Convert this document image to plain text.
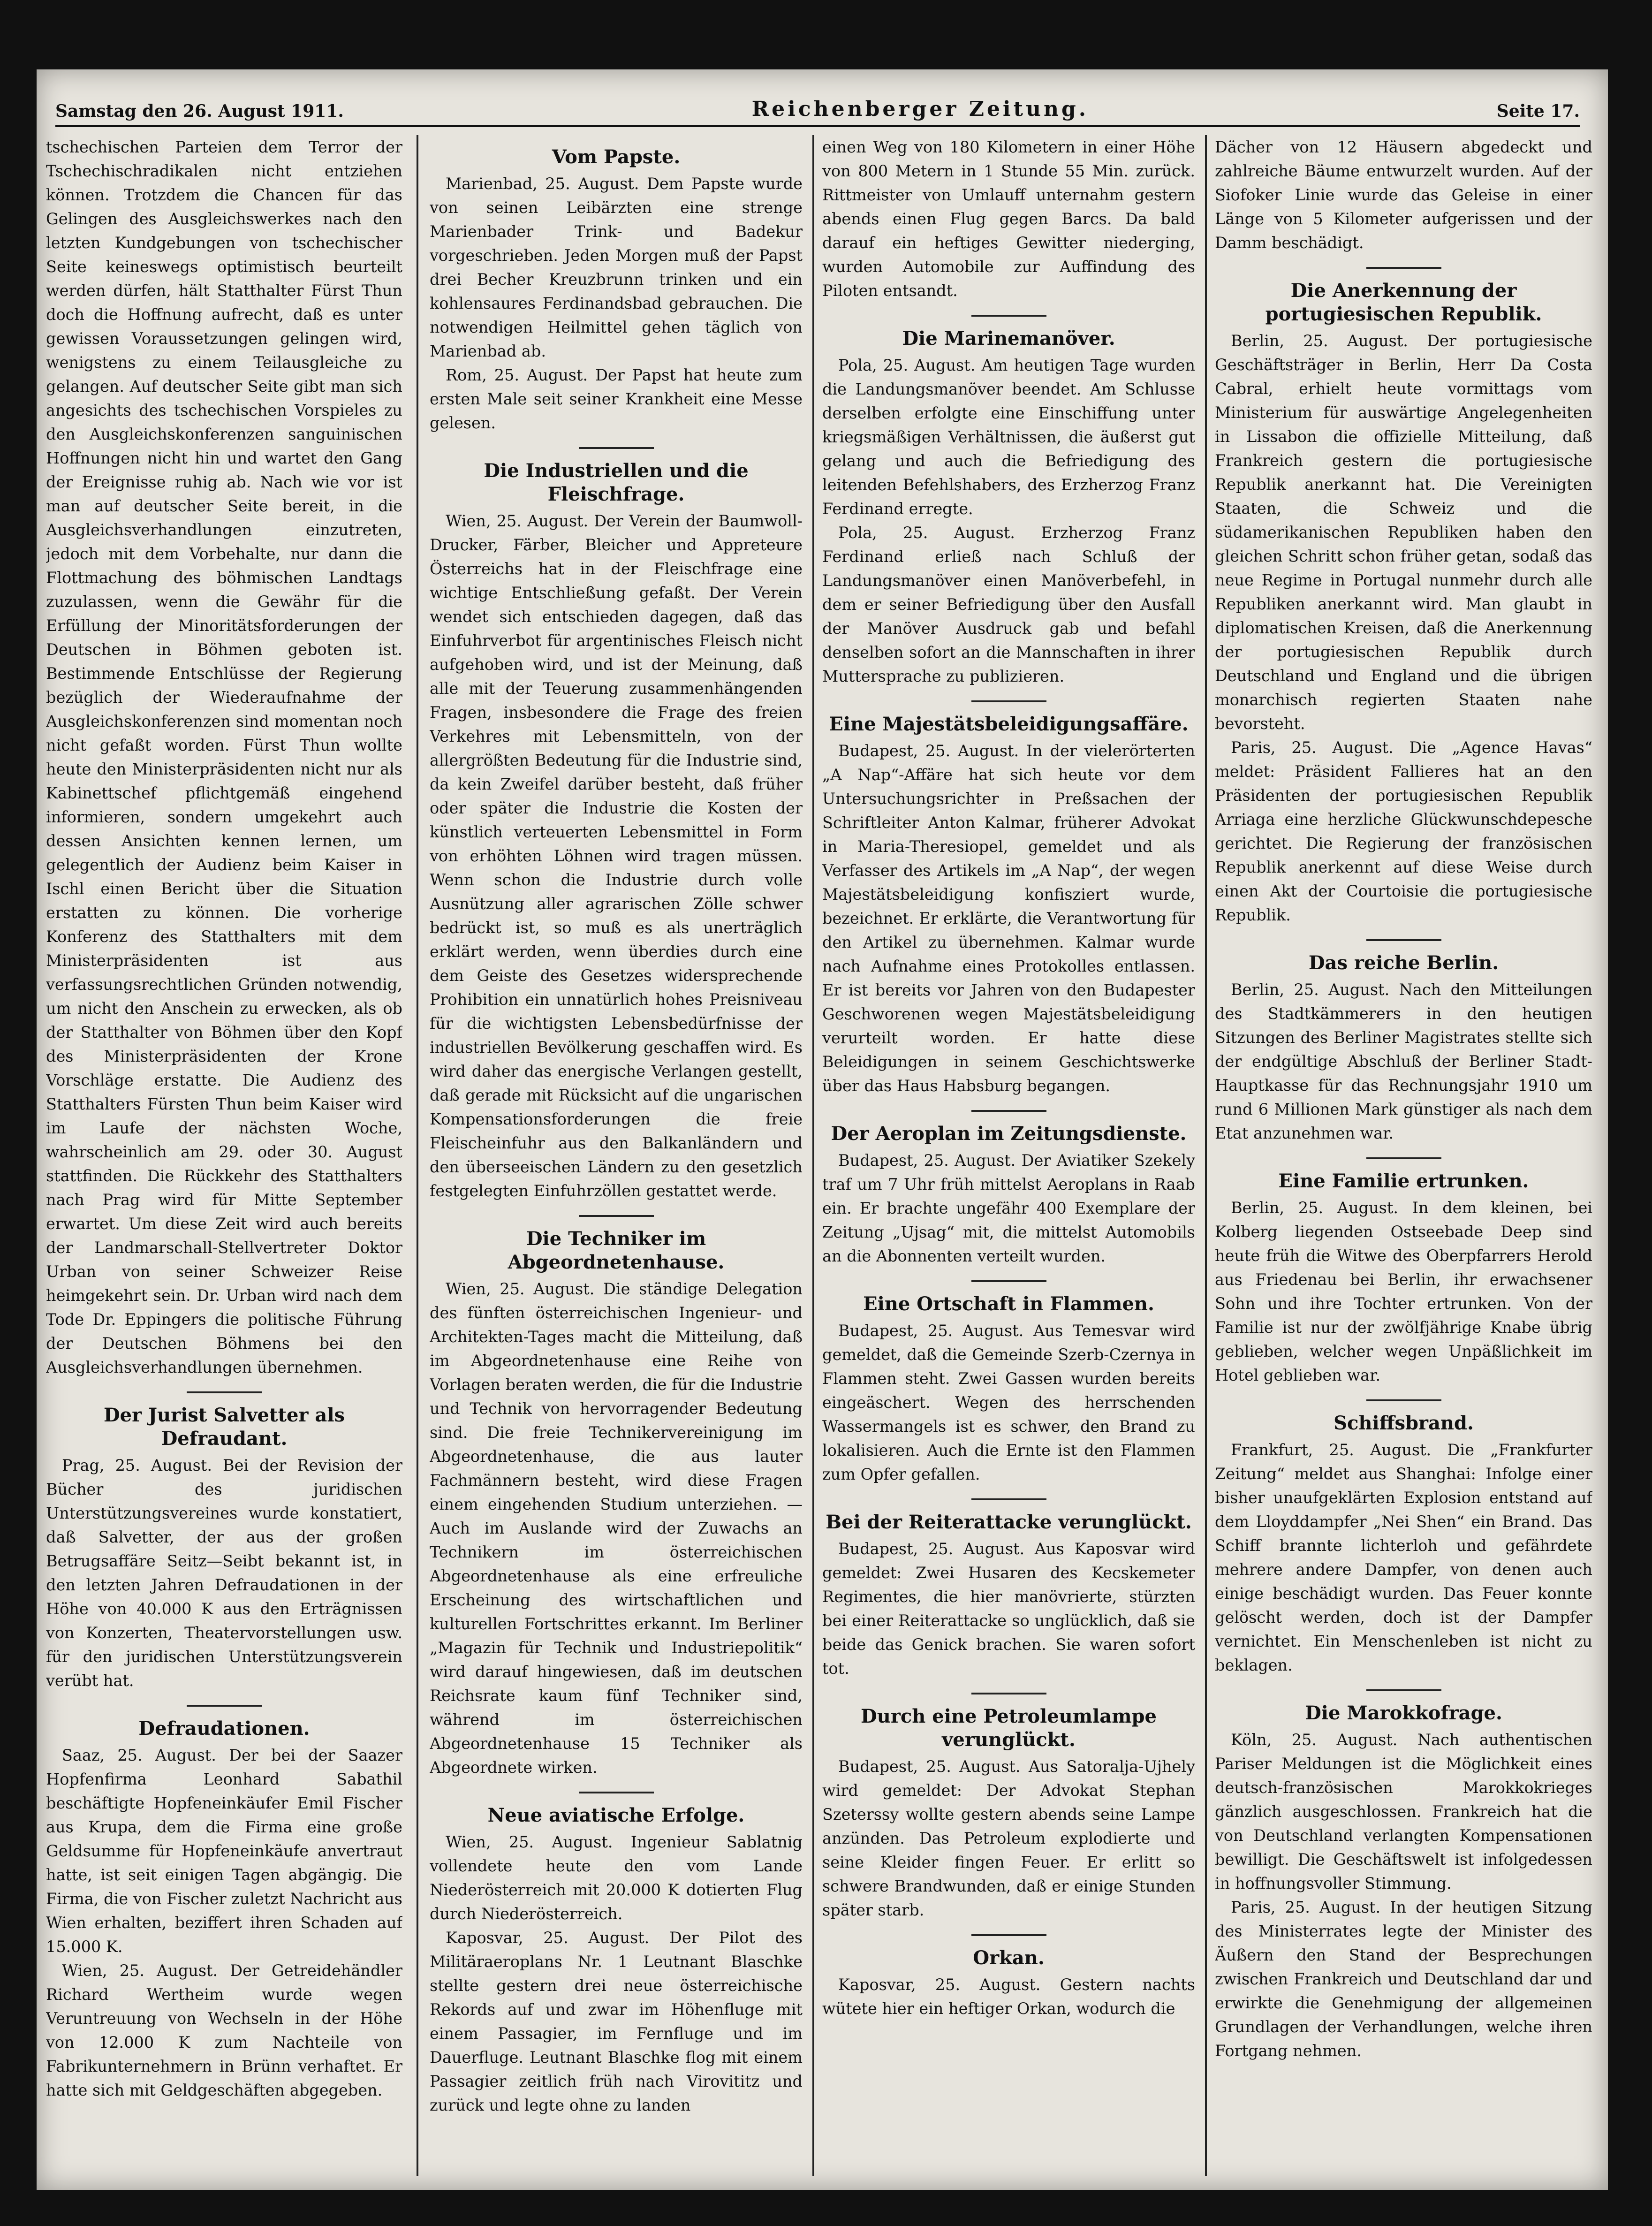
Samstag den 26. August 1911.	Reichenberger Zeitung.	Seite 17.

tschechischen Parteien dem Terror der Tschechischradikalen nicht entziehen können. Trotzdem die Chancen für das Gelingen des Ausgleichswerkes nach den letzten Kundgebungen von tschechischer Seite keineswegs optimistisch beurteilt werden dürfen, hält Statthalter Fürst Thun doch die Hoffnung aufrecht, daß es unter gewissen Voraussetzungen gelingen wird, wenigstens zu einem Teilausgleiche zu gelangen. Auf deutscher Seite gibt man sich angesichts des tschechischen Vorspieles zu den Ausgleichskonferenzen sanguinischen Hoffnungen nicht hin und wartet den Gang der Ereignisse ruhig ab. Nach wie vor ist man auf deutscher Seite bereit, in die Ausgleichsverhandlungen einzutreten, jedoch mit dem Vorbehalte, nur dann die Flottmachung des böhmischen Landtags zuzulassen, wenn die Gewähr für die Erfüllung der Minoritätsforderungen der Deutschen in Böhmen geboten ist. Bestimmende Entschlüsse der Regierung bezüglich der Wiederaufnahme der Ausgleichskonferenzen sind momentan noch nicht gefaßt worden. Fürst Thun wollte heute den Ministerpräsidenten nicht nur als Kabinettschef pflichtgemäß eingehend informieren, sondern umgekehrt auch dessen Ansichten kennen lernen, um gelegentlich der Audienz beim Kaiser in Ischl einen Bericht über die Situation erstatten zu können. Die vorherige Konferenz des Statthalters mit dem Ministerpräsidenten ist aus verfassungsrechtlichen Gründen notwendig, um nicht den Anschein zu erwecken, als ob der Statthalter von Böhmen über den Kopf des Ministerpräsidenten der Krone Vorschläge erstatte. Die Audienz des Statthalters Fürsten Thun beim Kaiser wird im Laufe der nächsten Woche, wahrscheinlich am 29. oder 30. August stattfinden. Die Rückkehr des Statthalters nach Prag wird für Mitte September erwartet. Um diese Zeit wird auch bereits der Landmarschall-Stellvertreter Doktor Urban von seiner Schweizer Reise heimgekehrt sein. Dr. Urban wird nach dem Tode Dr. Eppingers die politische Führung der Deutschen Böhmens bei den Ausgleichsverhandlungen übernehmen.

Der Jurist Salvetter als Defraudant.

Prag, 25. August. Bei der Revision der Bücher des juridischen Unterstützungsvereines wurde konstatiert, daß Salvetter, der aus der großen Betrugsaffäre Seitz—Seibt bekannt ist, in den letzten Jahren Defraudationen in der Höhe von 40.000 K aus den Erträgnissen von Konzerten, Theatervorstellungen usw. für den juridischen Unterstützungsverein verübt hat.

Defraudationen.

Saaz, 25. August. Der bei der Saazer Hopfenfirma Leonhard Sabathil beschäftigte Hopfeneinkäufer Emil Fischer aus Krupa, dem die Firma eine große Geldsumme für Hopfeneinkäufe anvertraut hatte, ist seit einigen Tagen abgängig. Die Firma, die von Fischer zuletzt Nachricht aus Wien erhalten, beziffert ihren Schaden auf 15.000 K.

Wien, 25. August. Der Getreidehändler Richard Wertheim wurde wegen Veruntreuung von Wechseln in der Höhe von 12.000 K zum Nachteile von Fabrikunternehmern in Brünn verhaftet. Er hatte sich mit Geldgeschäften abgegeben.

Vom Papste.

Marienbad, 25. August. Dem Papste wurde von seinen Leibärzten eine strenge Marienbader Trink- und Badekur vorgeschrieben. Jeden Morgen muß der Papst drei Becher Kreuzbrunn trinken und ein kohlensaures Ferdinandsbad gebrauchen. Die notwendigen Heilmittel gehen täglich von Marienbad ab.

Rom, 25. August. Der Papst hat heute zum ersten Male seit seiner Krankheit eine Messe gelesen.

Die Industriellen und die Fleischfrage.

Wien, 25. August. Der Verein der Baumwoll-Drucker, Färber, Bleicher und Appreteure Österreichs hat in der Fleischfrage eine wichtige Entschließung gefaßt. Der Verein wendet sich entschieden dagegen, daß das Einfuhrverbot für argentinisches Fleisch nicht aufgehoben wird, und ist der Meinung, daß alle mit der Teuerung zusammenhängenden Fragen, insbesondere die Frage des freien Verkehres mit Lebensmitteln, von der allergrößten Bedeutung für die Industrie sind, da kein Zweifel darüber besteht, daß früher oder später die Industrie die Kosten der künstlich verteuerten Lebensmittel in Form von erhöhten Löhnen wird tragen müssen. Wenn schon die Industrie durch volle Ausnützung aller agrarischen Zölle schwer bedrückt ist, so muß es als unerträglich erklärt werden, wenn überdies durch eine dem Geiste des Gesetzes widersprechende Prohibition ein unnatürlich hohes Preisniveau für die wichtigsten Lebensbedürfnisse der industriellen Bevölkerung geschaffen wird. Es wird daher das energische Verlangen gestellt, daß gerade mit Rücksicht auf die ungarischen Kompensationsforderungen die freie Fleischeinfuhr aus den Balkanländern und den überseeischen Ländern zu den gesetzlich festgelegten Einfuhrzöllen gestattet werde.

Die Techniker im Abgeordnetenhause.

Wien, 25. August. Die ständige Delegation des fünften österreichischen Ingenieur- und Architekten-Tages macht die Mitteilung, daß im Abgeordnetenhause eine Reihe von Vorlagen beraten werden, die für die Industrie und Technik von hervorragender Bedeutung sind. Die freie Technikervereinigung im Abgeordnetenhause, die aus lauter Fachmännern besteht, wird diese Fragen einem eingehenden Studium unterziehen. — Auch im Auslande wird der Zuwachs an Technikern im österreichischen Abgeordnetenhause als eine erfreuliche Erscheinung des wirtschaftlichen und kulturellen Fortschrittes erkannt. Im Berliner „Magazin für Technik und Industriepolitik“ wird darauf hingewiesen, daß im deutschen Reichsrate kaum fünf Techniker sind, während im österreichischen Abgeordnetenhause 15 Techniker als Abgeordnete wirken.

Neue aviatische Erfolge.

Wien, 25. August. Ingenieur Sablatnig vollendete heute den vom Lande Niederösterreich mit 20.000 K dotierten Flug durch Niederösterreich.

Kaposvar, 25. August. Der Pilot des Militäraeroplans Nr. 1 Leutnant Blaschke stellte gestern drei neue österreichische Rekords auf und zwar im Höhenfluge mit einem Passagier, im Fernfluge und im Dauerfluge. Leutnant Blaschke flog mit einem Passagier zeitlich früh nach Virovititz und zurück und legte ohne zu landen

einen Weg von 180 Kilometern in einer Höhe von 800 Metern in 1 Stunde 55 Min. zurück. Rittmeister von Umlauff unternahm gestern abends einen Flug gegen Barcs. Da bald darauf ein heftiges Gewitter niederging, wurden Automobile zur Auffindung des Piloten entsandt.

Die Marinemanöver.

Pola, 25. August. Am heutigen Tage wurden die Landungsmanöver beendet. Am Schlusse derselben erfolgte eine Einschiffung unter kriegsmäßigen Verhältnissen, die äußerst gut gelang und auch die Befriedigung des leitenden Befehlshabers, des Erzherzog Franz Ferdinand erregte.

Pola, 25. August. Erzherzog Franz Ferdinand erließ nach Schluß der Landungsmanöver einen Manöverbefehl, in dem er seiner Befriedigung über den Ausfall der Manöver Ausdruck gab und befahl denselben sofort an die Mannschaften in ihrer Muttersprache zu publizieren.

Eine Majestätsbeleidigungsaffäre.

Budapest, 25. August. In der vielerörterten „A Nap“-Affäre hat sich heute vor dem Untersuchungsrichter in Preßsachen der Schriftleiter Anton Kalmar, früherer Advokat in Maria-Theresiopel, gemeldet und als Verfasser des Artikels im „A Nap“, der wegen Majestätsbeleidigung konfisziert wurde, bezeichnet. Er erklärte, die Verantwortung für den Artikel zu übernehmen. Kalmar wurde nach Aufnahme eines Protokolles entlassen. Er ist bereits vor Jahren von den Budapester Geschworenen wegen Majestätsbeleidigung verurteilt worden. Er hatte diese Beleidigungen in seinem Geschichtswerke über das Haus Habsburg begangen.

Der Aeroplan im Zeitungsdienste.

Budapest, 25. August. Der Aviatiker Szekely traf um 7 Uhr früh mittelst Aeroplans in Raab ein. Er brachte ungefähr 400 Exemplare der Zeitung „Ujsag“ mit, die mittelst Automobils an die Abonnenten verteilt wurden.

Eine Ortschaft in Flammen.

Budapest, 25. August. Aus Temesvar wird gemeldet, daß die Gemeinde Szerb-Czernya in Flammen steht. Zwei Gassen wurden bereits eingeäschert. Wegen des herrschenden Wassermangels ist es schwer, den Brand zu lokalisieren. Auch die Ernte ist den Flammen zum Opfer gefallen.

Bei der Reiterattacke verunglückt.

Budapest, 25. August. Aus Kaposvar wird gemeldet: Zwei Husaren des Kecskemeter Regimentes, die hier manövrierte, stürzten bei einer Reiterattacke so unglücklich, daß sie beide das Genick brachen. Sie waren sofort tot.

Durch eine Petroleumlampe verunglückt.

Budapest, 25. August. Aus Satoralja-Ujhely wird gemeldet: Der Advokat Stephan Szeterssy wollte gestern abends seine Lampe anzünden. Das Petroleum explodierte und seine Kleider fingen Feuer. Er erlitt so schwere Brandwunden, daß er einige Stunden später starb.

Orkan.

Kaposvar, 25. August. Gestern nachts wütete hier ein heftiger Orkan, wodurch die

Dächer von 12 Häusern abgedeckt und zahlreiche Bäume entwurzelt wurden. Auf der Siofoker Linie wurde das Geleise in einer Länge von 5 Kilometer aufgerissen und der Damm beschädigt.

Die Anerkennung der portugiesischen Republik.

Berlin, 25. August. Der portugiesische Geschäftsträger in Berlin, Herr Da Costa Cabral, erhielt heute vormittags vom Ministerium für auswärtige Angelegenheiten in Lissabon die offizielle Mitteilung, daß Frankreich gestern die portugiesische Republik anerkannt hat. Die Vereinigten Staaten, die Schweiz und die südamerikanischen Republiken haben den gleichen Schritt schon früher getan, sodaß das neue Regime in Portugal nunmehr durch alle Republiken anerkannt wird. Man glaubt in diplomatischen Kreisen, daß die Anerkennung der portugiesischen Republik durch Deutschland und England und die übrigen monarchisch regierten Staaten nahe bevorsteht.

Paris, 25. August. Die „Agence Havas“ meldet: Präsident Fallieres hat an den Präsidenten der portugiesischen Republik Arriaga eine herzliche Glückwunschdepesche gerichtet. Die Regierung der französischen Republik anerkennt auf diese Weise durch einen Akt der Courtoisie die portugiesische Republik.

Das reiche Berlin.

Berlin, 25. August. Nach den Mitteilungen des Stadtkämmerers in den heutigen Sitzungen des Berliner Magistrates stellte sich der endgültige Abschluß der Berliner Stadt-Hauptkasse für das Rechnungsjahr 1910 um rund 6 Millionen Mark günstiger als nach dem Etat anzunehmen war.

Eine Familie ertrunken.

Berlin, 25. August. In dem kleinen, bei Kolberg liegenden Ostseebade Deep sind heute früh die Witwe des Oberpfarrers Herold aus Friedenau bei Berlin, ihr erwachsener Sohn und ihre Tochter ertrunken. Von der Familie ist nur der zwölfjährige Knabe übrig geblieben, welcher wegen Unpäßlichkeit im Hotel geblieben war.

Schiffsbrand.

Frankfurt, 25. August. Die „Frankfurter Zeitung“ meldet aus Shanghai: Infolge einer bisher unaufgeklärten Explosion entstand auf dem Lloyddampfer „Nei Shen“ ein Brand. Das Schiff brannte lichterloh und gefährdete mehrere andere Dampfer, von denen auch einige beschädigt wurden. Das Feuer konnte gelöscht werden, doch ist der Dampfer vernichtet. Ein Menschenleben ist nicht zu beklagen.

Die Marokkofrage.

Köln, 25. August. Nach authentischen Pariser Meldungen ist die Möglichkeit eines deutsch-französischen Marokkokrieges gänzlich ausgeschlossen. Frankreich hat die von Deutschland verlangten Kompensationen bewilligt. Die Geschäftswelt ist infolgedessen in hoffnungsvoller Stimmung.

Paris, 25. August. In der heutigen Sitzung des Ministerrates legte der Minister des Äußern den Stand der Besprechungen zwischen Frankreich und Deutschland dar und erwirkte die Genehmigung der allgemeinen Grundlagen der Verhandlungen, welche ihren Fortgang nehmen.
